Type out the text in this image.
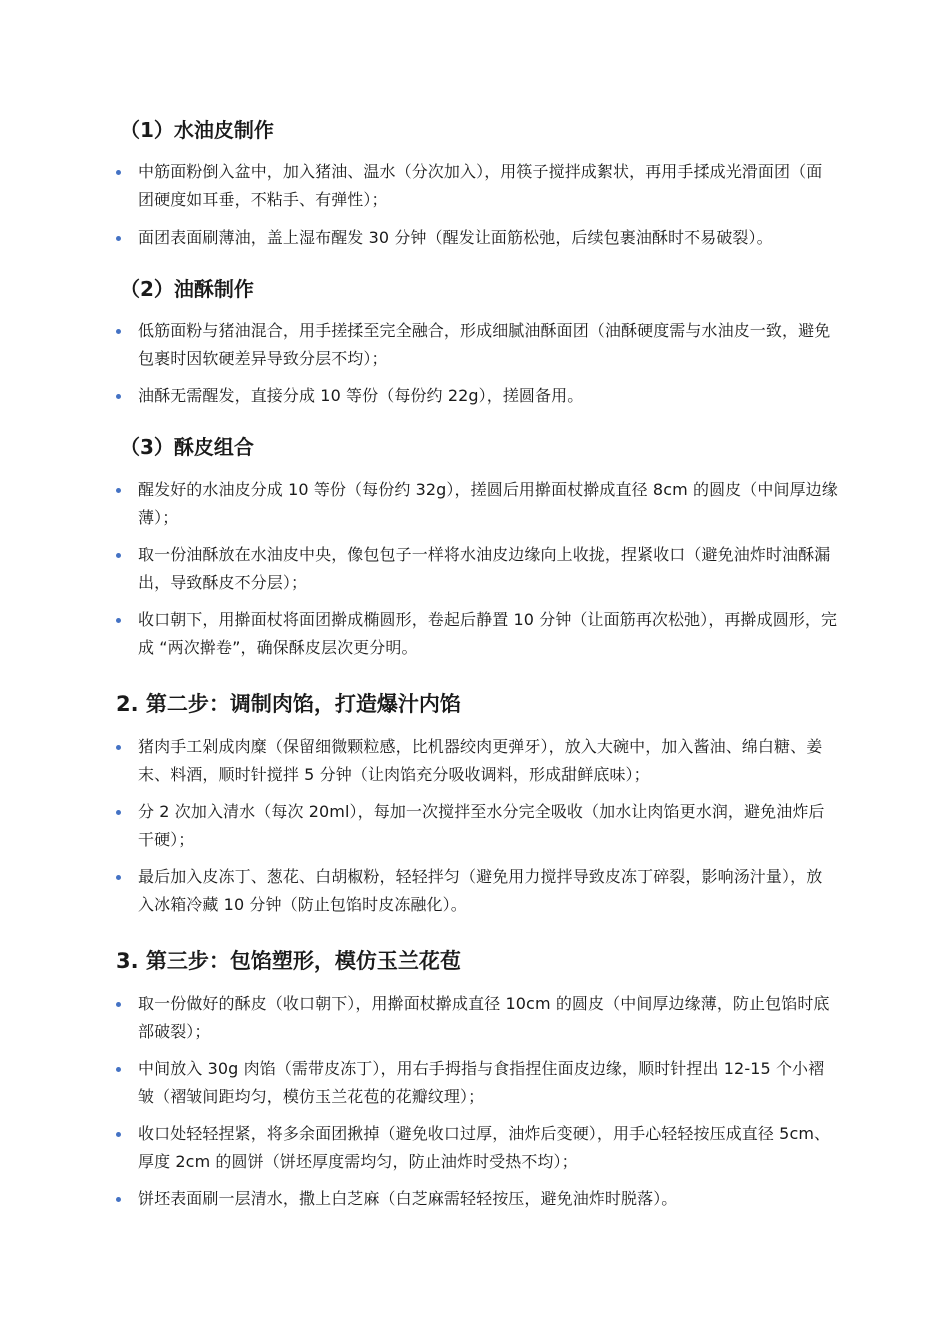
（1）水油皮制作

中筋面粉倒入盆中，加入猪油、温水（分次加入），用筷子搅拌成絮状，再用手揉成光滑面团（面团硬度如耳垂，不粘手、有弹性）；

面团表面刷薄油，盖上湿布醒发 30 分钟（醒发让面筋松弛，后续包裹油酥时不易破裂）。

（2）油酥制作

低筋面粉与猪油混合，用手搓揉至完全融合，形成细腻油酥面团（油酥硬度需与水油皮一致，避免包裹时因软硬差异导致分层不均）；

油酥无需醒发，直接分成 10 等份（每份约 22g），搓圆备用。

（3）酥皮组合

醒发好的水油皮分成 10 等份（每份约 32g），搓圆后用擀面杖擀成直径 8cm 的圆皮（中间厚边缘薄）；

取一份油酥放在水油皮中央，像包包子一样将水油皮边缘向上收拢，捏紧收口（避免油炸时油酥漏出，导致酥皮不分层）；

收口朝下，用擀面杖将面团擀成椭圆形，卷起后静置 10 分钟（让面筋再次松弛），再擀成圆形，完成 “两次擀卷”，确保酥皮层次更分明。

2. 第二步：调制肉馅，打造爆汁内馅

猪肉手工剁成肉糜（保留细微颗粒感，比机器绞肉更弹牙），放入大碗中，加入酱油、绵白糖、姜末、料酒，顺时针搅拌 5 分钟（让肉馅充分吸收调料，形成甜鲜底味）；

分 2 次加入清水（每次 20ml），每加一次搅拌至水分完全吸收（加水让肉馅更水润，避免油炸后干硬）；

最后加入皮冻丁、葱花、白胡椒粉，轻轻拌匀（避免用力搅拌导致皮冻丁碎裂，影响汤汁量），放入冰箱冷藏 10 分钟（防止包馅时皮冻融化）。

3. 第三步：包馅塑形，模仿玉兰花苞

取一份做好的酥皮（收口朝下），用擀面杖擀成直径 10cm 的圆皮（中间厚边缘薄，防止包馅时底部破裂）；

中间放入 30g 肉馅（需带皮冻丁），用右手拇指与食指捏住面皮边缘，顺时针捏出 12-15 个小褶皱（褶皱间距均匀，模仿玉兰花苞的花瓣纹理）；

收口处轻轻捏紧，将多余面团揪掉（避免收口过厚，油炸后变硬），用手心轻轻按压成直径 5cm、厚度 2cm 的圆饼（饼坯厚度需均匀，防止油炸时受热不均）；

饼坯表面刷一层清水，撒上白芝麻（白芝麻需轻轻按压，避免油炸时脱落）。
